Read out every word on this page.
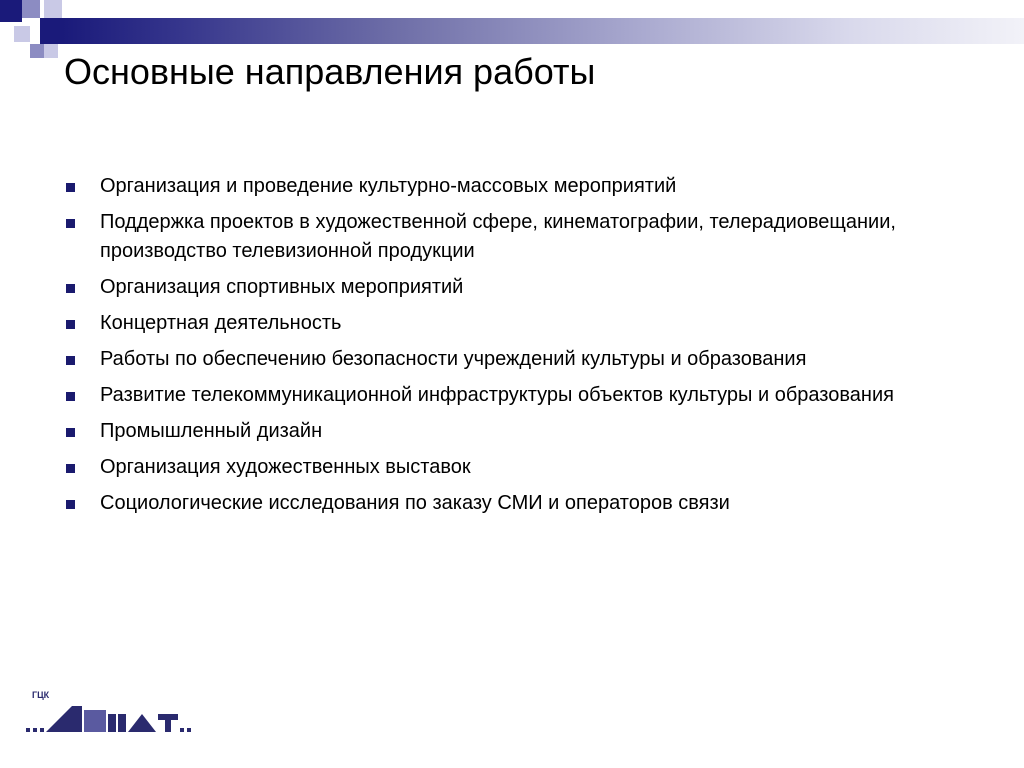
Основные направления работы
Организация и проведение культурно-массовых мероприятий
Поддержка проектов в художественной сфере, кинематографии, телерадиовещании, производство телевизионной продукции
Организация спортивных мероприятий
Концертная деятельность
Работы по обеспечению безопасности учреждений культуры и образования
Развитие телекоммуникационной инфраструктуры объектов культуры и образования
Промышленный дизайн
Организация художественных выставок
Социологические исследования по заказу СМИ и операторов связи
ГЦК
